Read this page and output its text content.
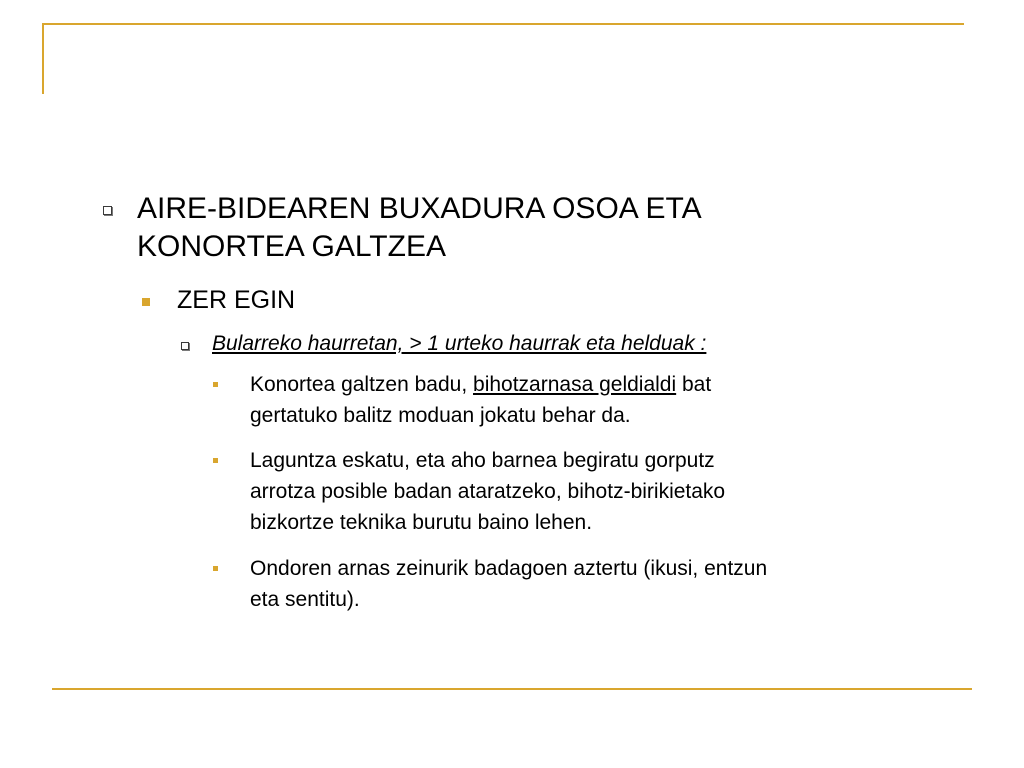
AIRE-BIDEAREN BUXADURA OSOA ETA
KONORTEA GALTZEA
ZER EGIN
Bularreko haurretan, > 1 urteko haurrak eta helduak :
Konortea galtzen badu, bihotzarnasa geldialdi bat
gertatuko balitz moduan jokatu behar da.
Laguntza eskatu, eta aho barnea begiratu gorputz
arrotza posible badan ataratzeko, bihotz-birikietako
bizkortze teknika burutu baino lehen.
Ondoren arnas zeinurik badagoen aztertu (ikusi, entzun
eta sentitu).
